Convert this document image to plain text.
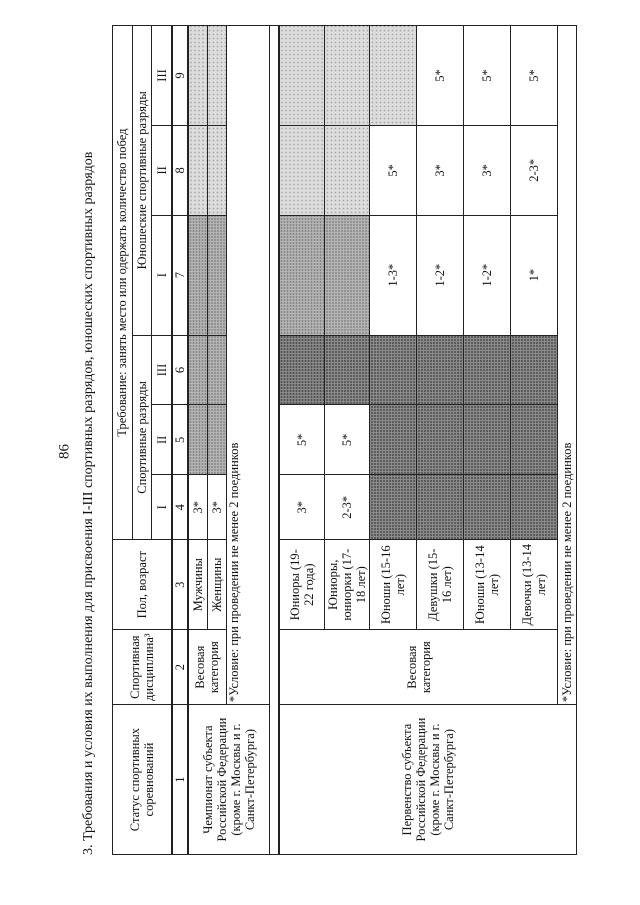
86 3. Требования и условия их выполнения для присвоения I-III спортивных разрядов, юношеских спортивных разрядов	Статус спортивных соревнований	Спортивная дисциплина³	Пол, возраст	Требование: занять место или одержать количество побед					
			Спортивные разряды			Юношеские спортивные разряды		
			I	II	III	I	II	III
1	2	3	4	5	6	7	8	9
Чемпионат субъекта Российской Федерации (кроме г. Москвы и г. Санкт-Петербурга)	Весовая категория	Мужчины	3*					
		Женщины	3*					
	*Условие: при проведении не менее 2 поединков							

Первенство субъекта Российской Федерации (кроме г. Москвы и г. Санкт-Петербурга)	Весовая категория	Юниоры (19-22 года)	3*	5*				
		Юниоры, юниорки (17-18 лет)	2-3*	5*				
		Юноши (15-16 лет)				1-3*	5*	
		Девушки (15-16 лет)				1-2*	3*	5*
		Юноши (13-14 лет)				1-2*	3*	5*
		Девочки (13-14 лет)				1*	2-3*	5*
	*Условие: при проведении не менее 2 поединков							
